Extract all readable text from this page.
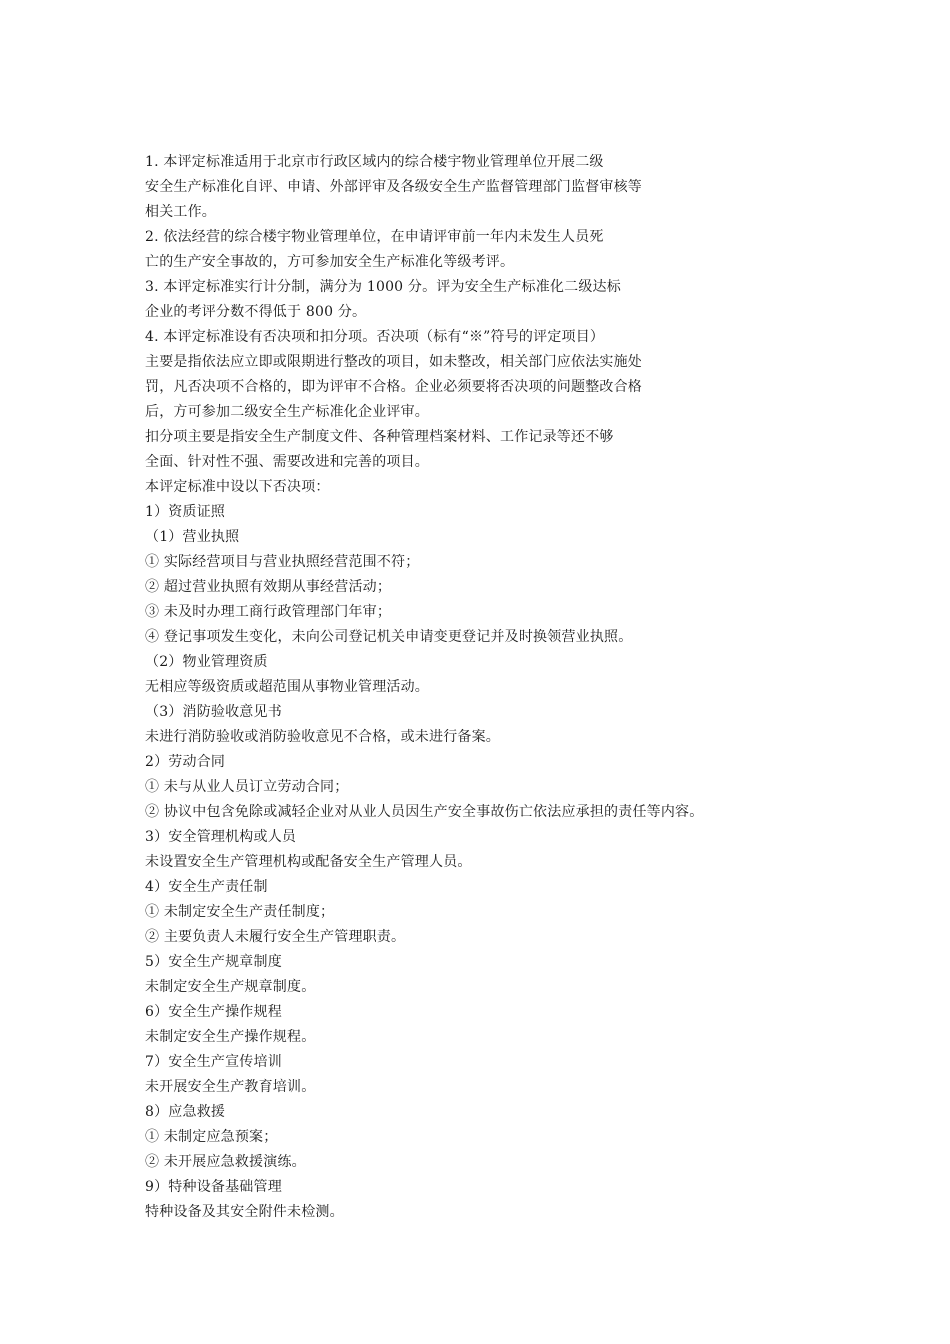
1. 本评定标准适用于北京市行政区域内的综合楼宇物业管理单位开展二级
安全生产标准化自评、申请、外部评审及各级安全生产监督管理部门监督审核等
相关工作。
2. 依法经营的综合楼宇物业管理单位，在申请评审前一年内未发生人员死
亡的生产安全事故的，方可参加安全生产标准化等级考评。
3. 本评定标准实行计分制，满分为 1000 分。评为安全生产标准化二级达标
企业的考评分数不得低于 800 分。
4. 本评定标准设有否决项和扣分项。否决项（标有“※”符号的评定项目）
主要是指依法应立即或限期进行整改的项目，如未整改，相关部门应依法实施处
罚，凡否决项不合格的，即为评审不合格。企业必须要将否决项的问题整改合格
后，方可参加二级安全生产标准化企业评审。
扣分项主要是指安全生产制度文件、各种管理档案材料、工作记录等还不够
全面、针对性不强、需要改进和完善的项目。
本评定标准中设以下否决项：
1）资质证照
（1）营业执照
① 实际经营项目与营业执照经营范围不符；
② 超过营业执照有效期从事经营活动；
③ 未及时办理工商行政管理部门年审；
④ 登记事项发生变化，未向公司登记机关申请变更登记并及时换领营业执照。
（2）物业管理资质
无相应等级资质或超范围从事物业管理活动。
（3）消防验收意见书
未进行消防验收或消防验收意见不合格，或未进行备案。
2）劳动合同
① 未与从业人员订立劳动合同；
② 协议中包含免除或减轻企业对从业人员因生产安全事故伤亡依法应承担的责任等内容。
3）安全管理机构或人员
未设置安全生产管理机构或配备安全生产管理人员。
4）安全生产责任制
① 未制定安全生产责任制度；
② 主要负责人未履行安全生产管理职责。
5）安全生产规章制度
未制定安全生产规章制度。
6）安全生产操作规程
未制定安全生产操作规程。
7）安全生产宣传培训
未开展安全生产教育培训。
8）应急救援
① 未制定应急预案；
② 未开展应急救援演练。
9）特种设备基础管理
特种设备及其安全附件未检测。
